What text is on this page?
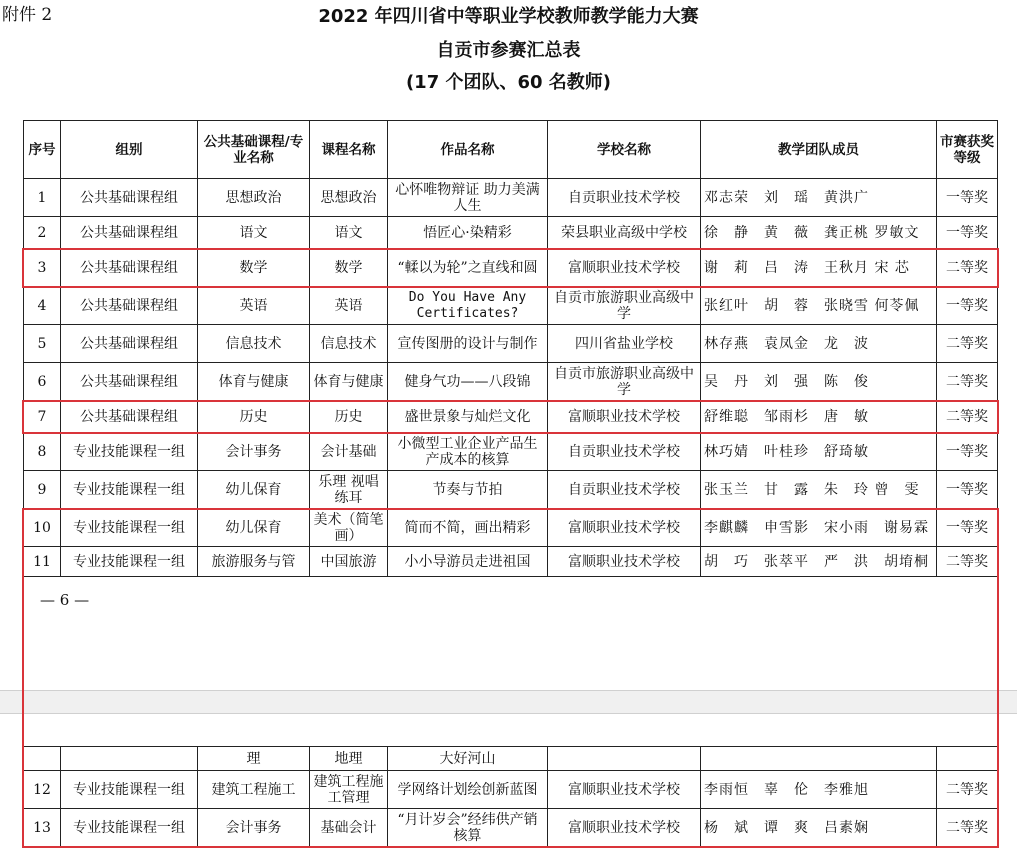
附件 2	2022 年四川省中等职业学校教师教学能力大赛
自贡市参赛汇总表
(17 个团队、60 名教师)
序号	组别	公共基础课程/专业名称	课程名称	作品名称	学校名称	教学团队成员	市赛获奖等级
1	公共基础课程组	思想政治	思想政治	心怀唯物辩证 助力美满人生	自贡职业技术学校	邓志荣　刘　瑶　黄洪广	一等奖
2	公共基础课程组	语文	语文	悟匠心·染精彩	荣县职业高级中学校	徐　静　黄　薇　龚正桃 罗敏文	一等奖
3	公共基础课程组	数学	数学	“輮以为轮”之直线和圆	富顺职业技术学校	谢　莉　吕　涛　王秋月 宋 芯	二等奖
4	公共基础课程组	英语	英语	Do You Have Any Certificates?	自贡市旅游职业高级中学	张红叶　胡　蓉　张晓雪 何苓佩	一等奖
5	公共基础课程组	信息技术	信息技术	宣传图册的设计与制作	四川省盐业学校	林存燕　袁凤金　龙　波	二等奖
6	公共基础课程组	体育与健康	体育与健康	健身气功——八段锦	自贡市旅游职业高级中学	吴　丹　刘　强　陈　俊	二等奖
7	公共基础课程组	历史	历史	盛世景象与灿烂文化	富顺职业技术学校	舒维聪　邹雨杉　唐　敏	二等奖
8	专业技能课程一组	会计事务	会计基础	小微型工业企业产品生产成本的核算	自贡职业技术学校	林巧婧　叶桂珍　舒琦敏	一等奖
9	专业技能课程一组	幼儿保育	乐理 视唱 练耳	节奏与节拍	自贡职业技术学校	张玉兰　甘　露　朱　玲 曾　雯	一等奖
10	专业技能课程一组	幼儿保育	美术（简笔画）	简而不简，画出精彩	富顺职业技术学校	李麒麟　申雪影　宋小雨　谢易霖	一等奖
11	专业技能课程一组	旅游服务与管	中国旅游	小小导游员走进祖国	富顺职业技术学校	胡　巧　张萃平　严　洪　胡堉桐	二等奖
— 6 —
		理	地理	大好河山			
12	专业技能课程一组	建筑工程施工	建筑工程施工管理	学网络计划绘创新蓝图	富顺职业技术学校	李雨恒　辜　伦　李雅旭	二等奖
13	专业技能课程一组	会计事务	基础会计	“月计岁会”经纬供产销核算	富顺职业技术学校	杨　斌　谭　爽　吕素娴	二等奖
